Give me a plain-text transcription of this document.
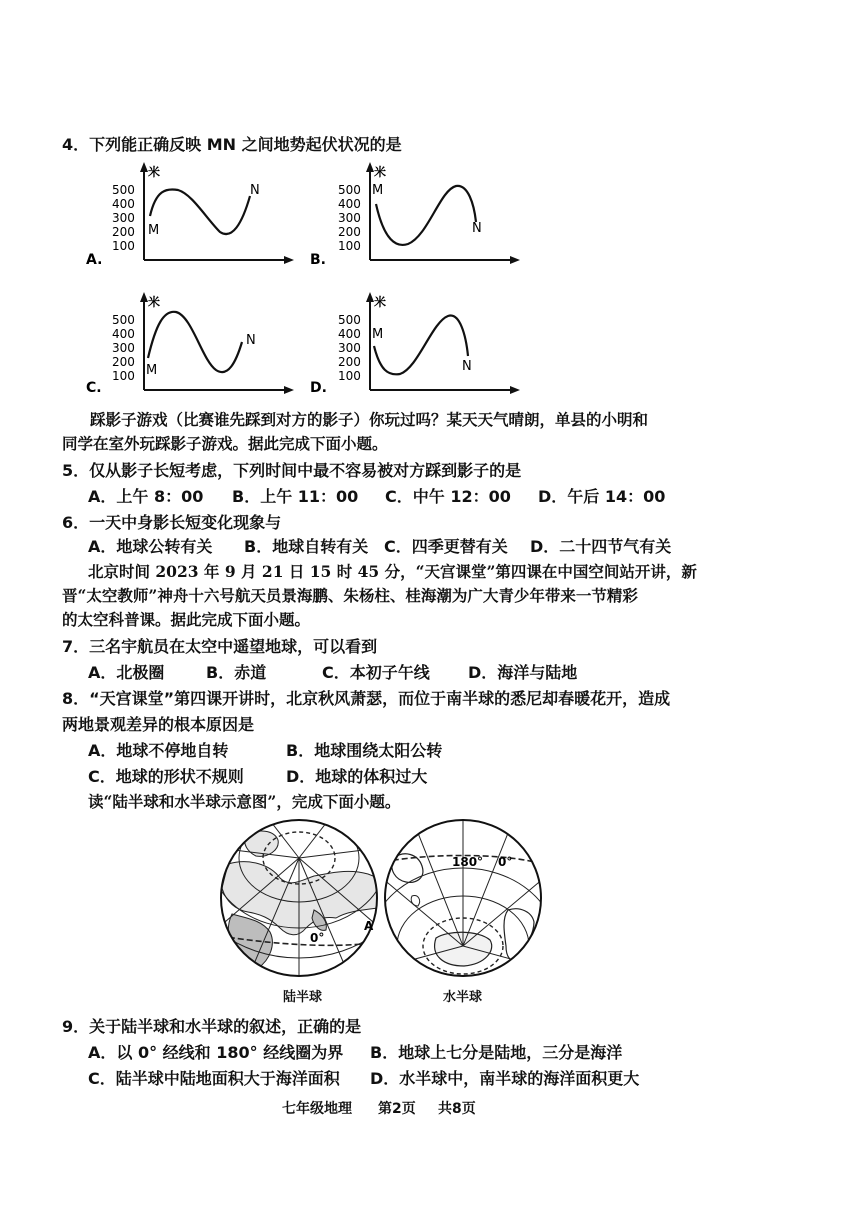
4．下列能正确反映 MN 之间地势起伏状况的是
米
500
400
300
200
100
M
N
A.
米
500
400
300
200
100
M
N
B.
米
500
400
300
200
100 M
N
C.
米
500
400
300
200
100
M
N
D.
踩影子游戏（比赛谁先踩到对方的影子）你玩过吗？某天天气晴朗，单县的小明和
同学在室外玩踩影子游戏。据此完成下面小题。
5．仅从影子长短考虑，下列时间中最不容易被对方踩到影子的是
A．上午 8：00 B．上午 11：00 C．中午 12：00 D．午后 14：00
6．一天中身影长短变化现象与
A．地球公转有关 B．地球自转有关 C．四季更替有关 D．二十四节气有关
北京时间 2023 年 9 月 21 日 15 时 45 分，“天宫课堂”第四课在中国空间站开讲，新
晋“太空教师”神舟十六号航天员景海鹏、朱杨柱、桂海潮为广大青少年带来一节精彩
的太空科普课。据此完成下面小题。
7．三名宇航员在太空中遥望地球，可以看到
A．北极圈	B．赤道	C．本初子午线 D．海洋与陆地
8．“天宫课堂”第四课开讲时，北京秋风萧瑟，而位于南半球的悉尼却春暖花开，造成
两地景观差异的根本原因是
A．地球不停地自转	B．地球围绕太阳公转
C．地球的形状不规则	D．地球的体积过大
读“陆半球和水半球示意图”，完成下面小题。
0°
A
陆半球
180° 0°
水半球
9．关于陆半球和水半球的叙述，正确的是
A．以 0° 经线和 180° 经线圈为界 B．地球上七分是陆地，三分是海洋
C．陆半球中陆地面积大于海洋面积 D．水半球中，南半球的海洋面积更大
七年级地理 第2页 共8页
